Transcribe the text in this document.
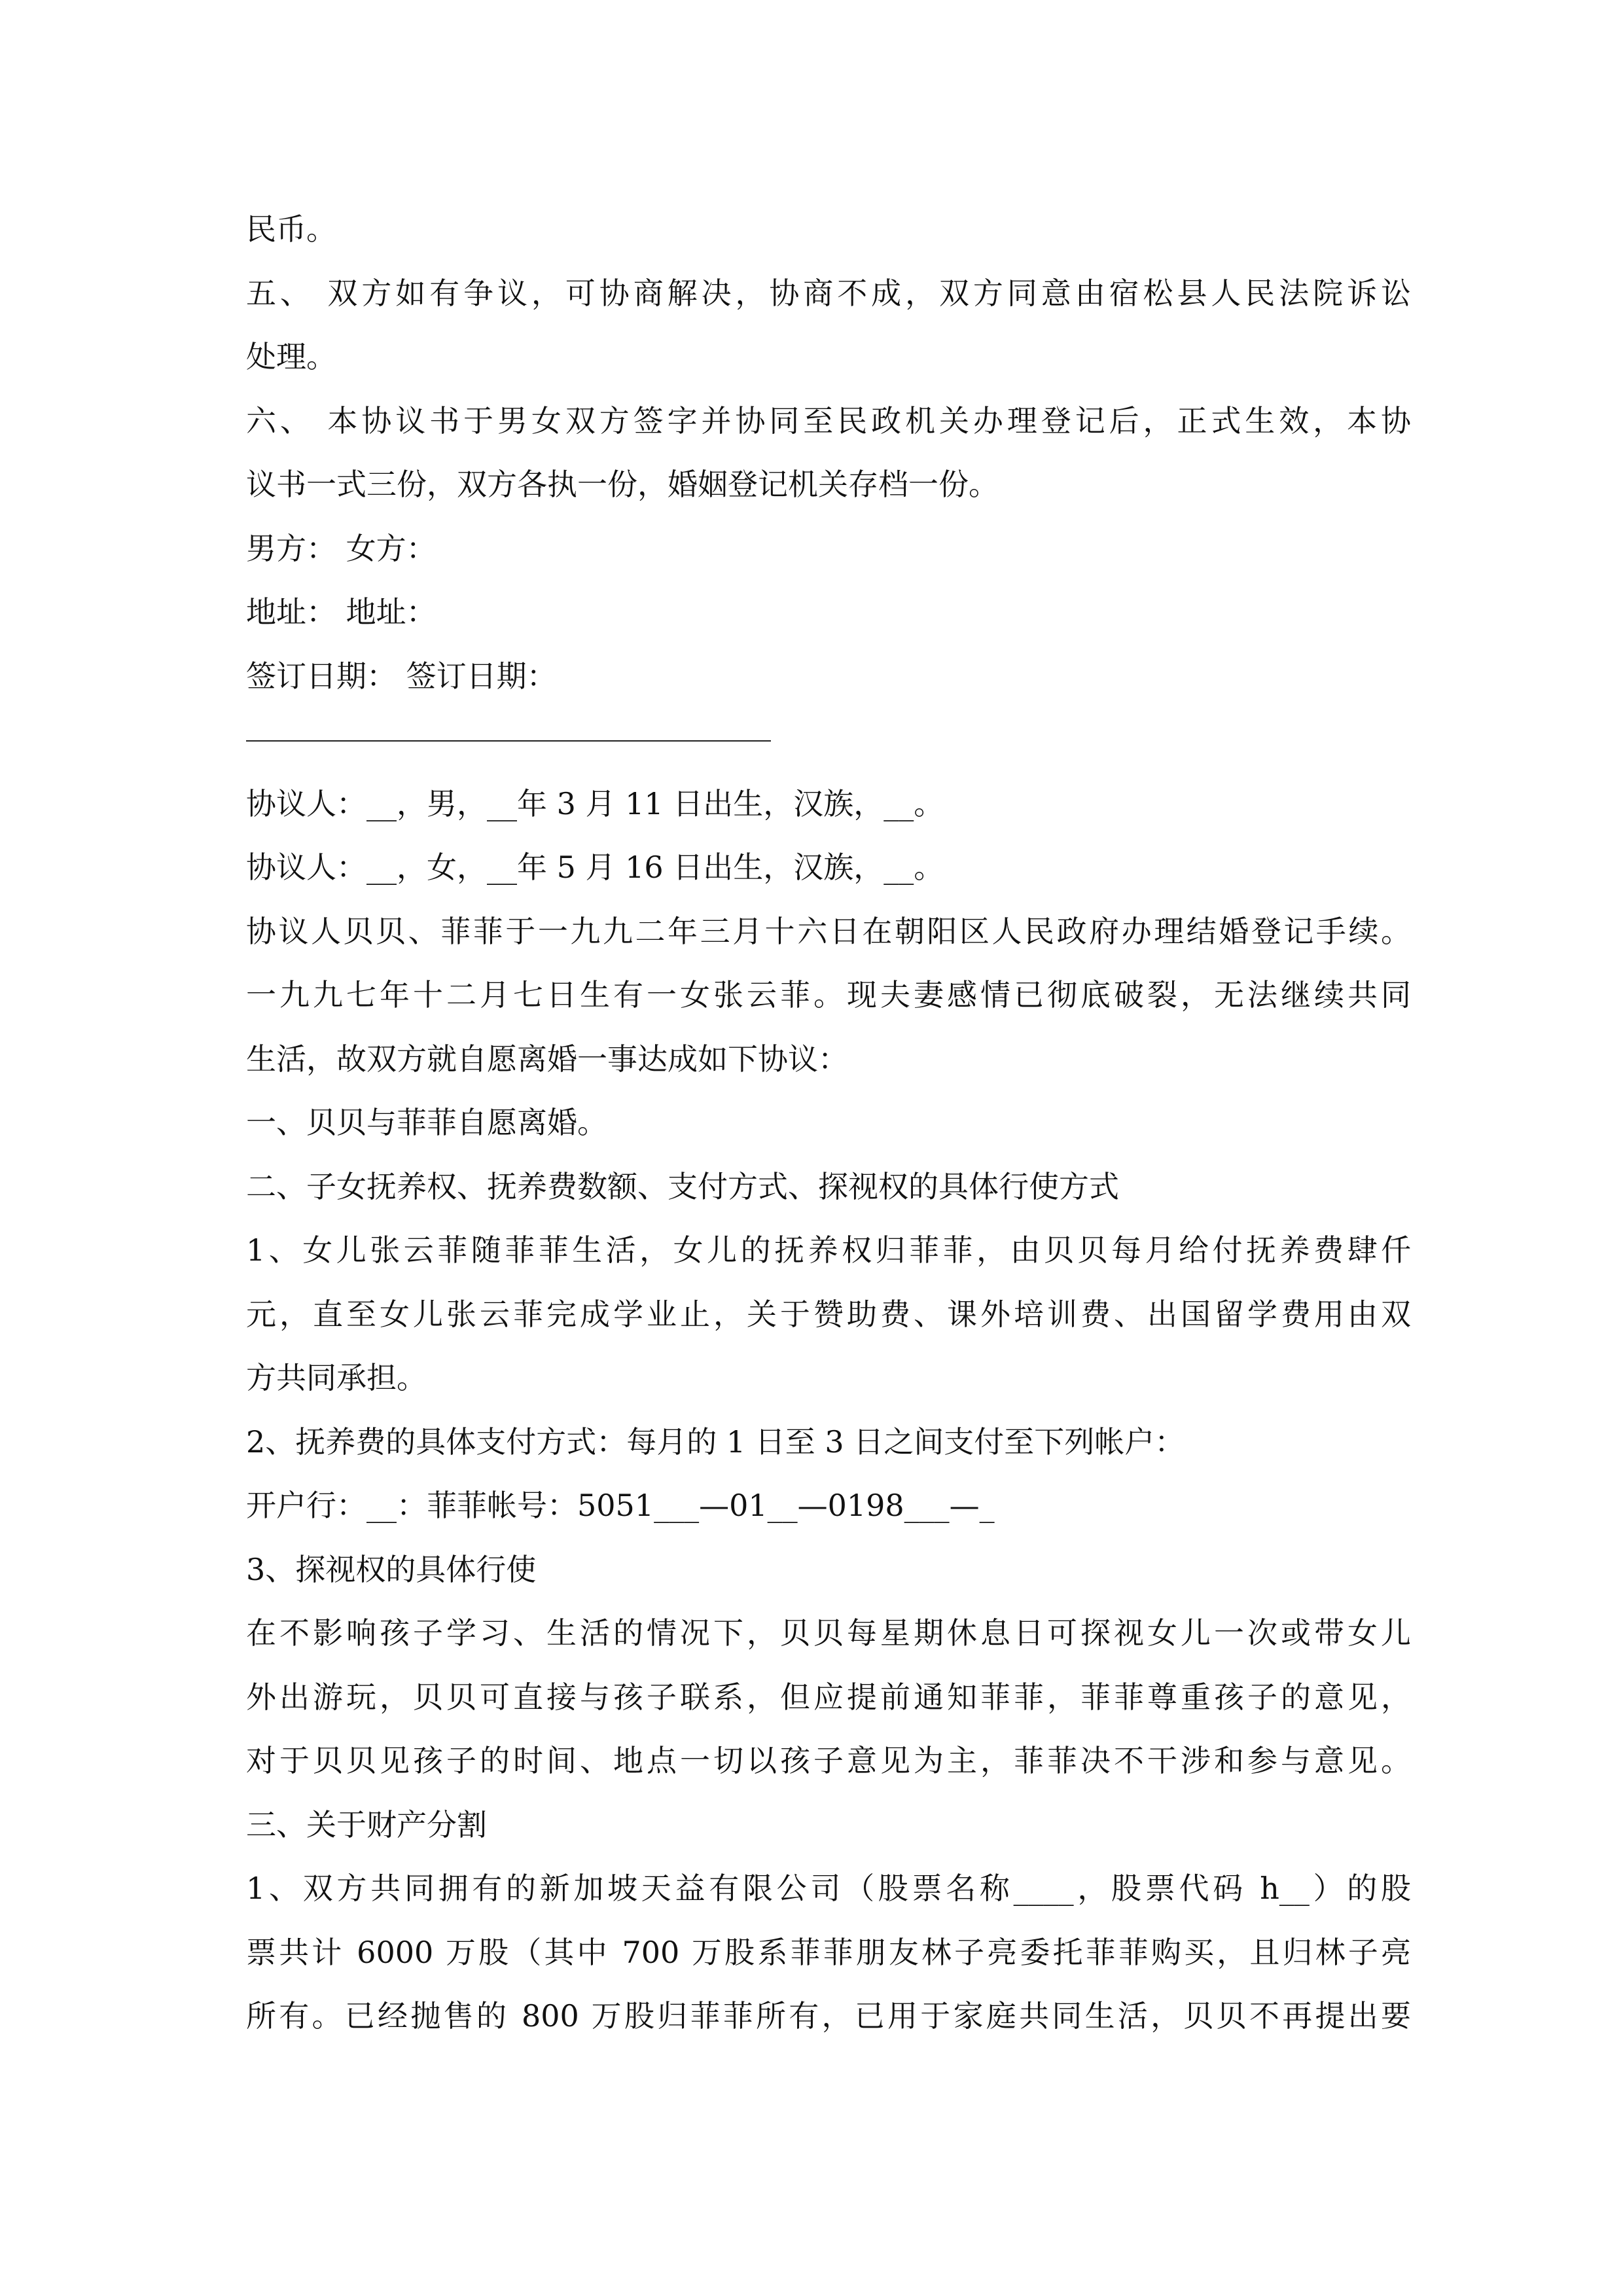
民币。
五、 双方如有争议，可协商解决，协商不成，双方同意由宿松县人民法院诉讼
处理。
六、 本协议书于男女双方签字并协同至民政机关办理登记后，正式生效，本协
议书一式三份，双方各执一份，婚姻登记机关存档一份。
男方： 女方：
地址： 地址：
签订日期： 签订日期：
协议人：__，男，__年 3 月 11 日出生，汉族，__。
协议人：__，女，__年 5 月 16 日出生，汉族，__。
协议人贝贝、菲菲于一九九二年三月十六日在朝阳区人民政府办理结婚登记手续。
一九九七年十二月七日生有一女张云菲。现夫妻感情已彻底破裂，无法继续共同
生活，故双方就自愿离婚一事达成如下协议：
一、贝贝与菲菲自愿离婚。
二、子女抚养权、抚养费数额、支付方式、探视权的具体行使方式
1、女儿张云菲随菲菲生活，女儿的抚养权归菲菲，由贝贝每月给付抚养费肆仟
元，直至女儿张云菲完成学业止，关于赞助费、课外培训费、出国留学费用由双
方共同承担。
2、抚养费的具体支付方式：每月的 1 日至 3 日之间支付至下列帐户：
开户行：__：菲菲帐号：5051___—01__—0198___—_
3、探视权的具体行使
在不影响孩子学习、生活的情况下，贝贝每星期休息日可探视女儿一次或带女儿
外出游玩，贝贝可直接与孩子联系，但应提前通知菲菲，菲菲尊重孩子的意见，
对于贝贝见孩子的时间、地点一切以孩子意见为主，菲菲决不干涉和参与意见。
三、关于财产分割
1、双方共同拥有的新加坡天益有限公司（股票名称____，股票代码 h__）的股
票共计 6000 万股（其中 700 万股系菲菲朋友林子亮委托菲菲购买，且归林子亮
所有。已经抛售的 800 万股归菲菲所有，已用于家庭共同生活，贝贝不再提出要
